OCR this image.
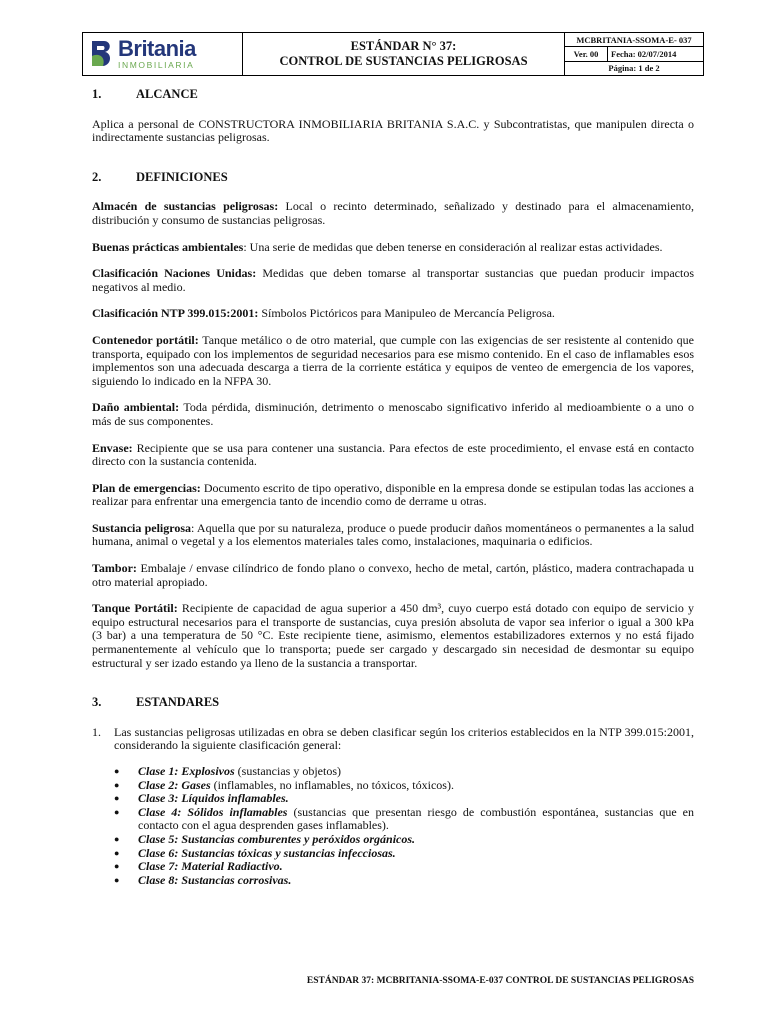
Britania
INMOBILIARIA
ESTÁNDAR N° 37:
CONTROL DE SUSTANCIAS PELIGROSAS
MCBRITANIA-SSOMA-E- 037
Ver. 00	Fecha: 02/07/2014
Página: 1 de 2
1.	ALCANCE

Aplica a personal de CONSTRUCTORA INMOBILIARIA BRITANIA S.A.C. y Subcontratistas, que manipulen directa o indirectamente sustancias peligrosas.

2.	DEFINICIONES

Almacén de sustancias peligrosas: Local o recinto determinado, señalizado y destinado para el almacenamiento, distribución y consumo de sustancias peligrosas.

Buenas prácticas ambientales: Una serie de medidas que deben tenerse en consideración al realizar estas actividades.

Clasificación Naciones Unidas: Medidas que deben tomarse al transportar sustancias que puedan producir impactos negativos al medio.

Clasificación NTP 399.015:2001: Símbolos Pictóricos para Manipuleo de Mercancía Peligrosa.

Contenedor portátil: Tanque metálico o de otro material, que cumple con las exigencias de ser resistente al contenido que transporta, equipado con los implementos de seguridad necesarios para ese mismo contenido. En el caso de inflamables esos implementos son una adecuada descarga a tierra de la corriente estática y equipos de venteo de emergencia de los vapores, siguiendo lo indicado en la NFPA 30.

Daño ambiental: Toda pérdida, disminución, detrimento o menoscabo significativo inferido al medioambiente o a uno o más de sus componentes.

Envase: Recipiente que se usa para contener una sustancia. Para efectos de este procedimiento, el envase está en contacto directo con la sustancia contenida.

Plan de emergencias: Documento escrito de tipo operativo, disponible en la empresa donde se estipulan todas las acciones a realizar para enfrentar una emergencia tanto de incendio como de derrame u otras.

Sustancia peligrosa: Aquella que por su naturaleza, produce o puede producir daños momentáneos o permanentes a la salud humana, animal o vegetal y a los elementos materiales tales como, instalaciones, maquinaria o edificios.

Tambor: Embalaje / envase cilíndrico de fondo plano o convexo, hecho de metal, cartón, plástico, madera contrachapada u otro material apropiado.

Tanque Portátil: Recipiente de capacidad de agua superior a 450 dm³, cuyo cuerpo está dotado con equipo de servicio y equipo estructural necesarios para el transporte de sustancias, cuya presión absoluta de vapor sea inferior o igual a 300 kPa (3 bar) a una temperatura de 50 °C. Este recipiente tiene, asimismo, elementos estabilizadores externos y no está fijado permanentemente al vehículo que lo transporta; puede ser cargado y descargado sin necesidad de desmontar su equipo estructural y ser izado estando ya lleno de la sustancia a transportar.

3.	ESTANDARES
1.	Las sustancias peligrosas utilizadas en obra se deben clasificar según los criterios establecidos en la NTP 399.015:2001, considerando la siguiente clasificación general:
●	Clase 1: Explosivos (sustancias y objetos)
●	Clase 2: Gases (inflamables, no inflamables, no tóxicos, tóxicos).
●	Clase 3: Líquidos inflamables.
●	Clase 4: Sólidos inflamables (sustancias que presentan riesgo de combustión espontánea, sustancias que en contacto con el agua desprenden gases inflamables).
●	Clase 5: Sustancias comburentes y peróxidos orgánicos.
●	Clase 6: Sustancias tóxicas y sustancias infecciosas.
●	Clase 7: Material Radiactivo.
●	Clase 8: Sustancias corrosivas.
ESTÁNDAR 37: MCBRITANIA-SSOMA-E-037 CONTROL DE SUSTANCIAS PELIGROSAS
